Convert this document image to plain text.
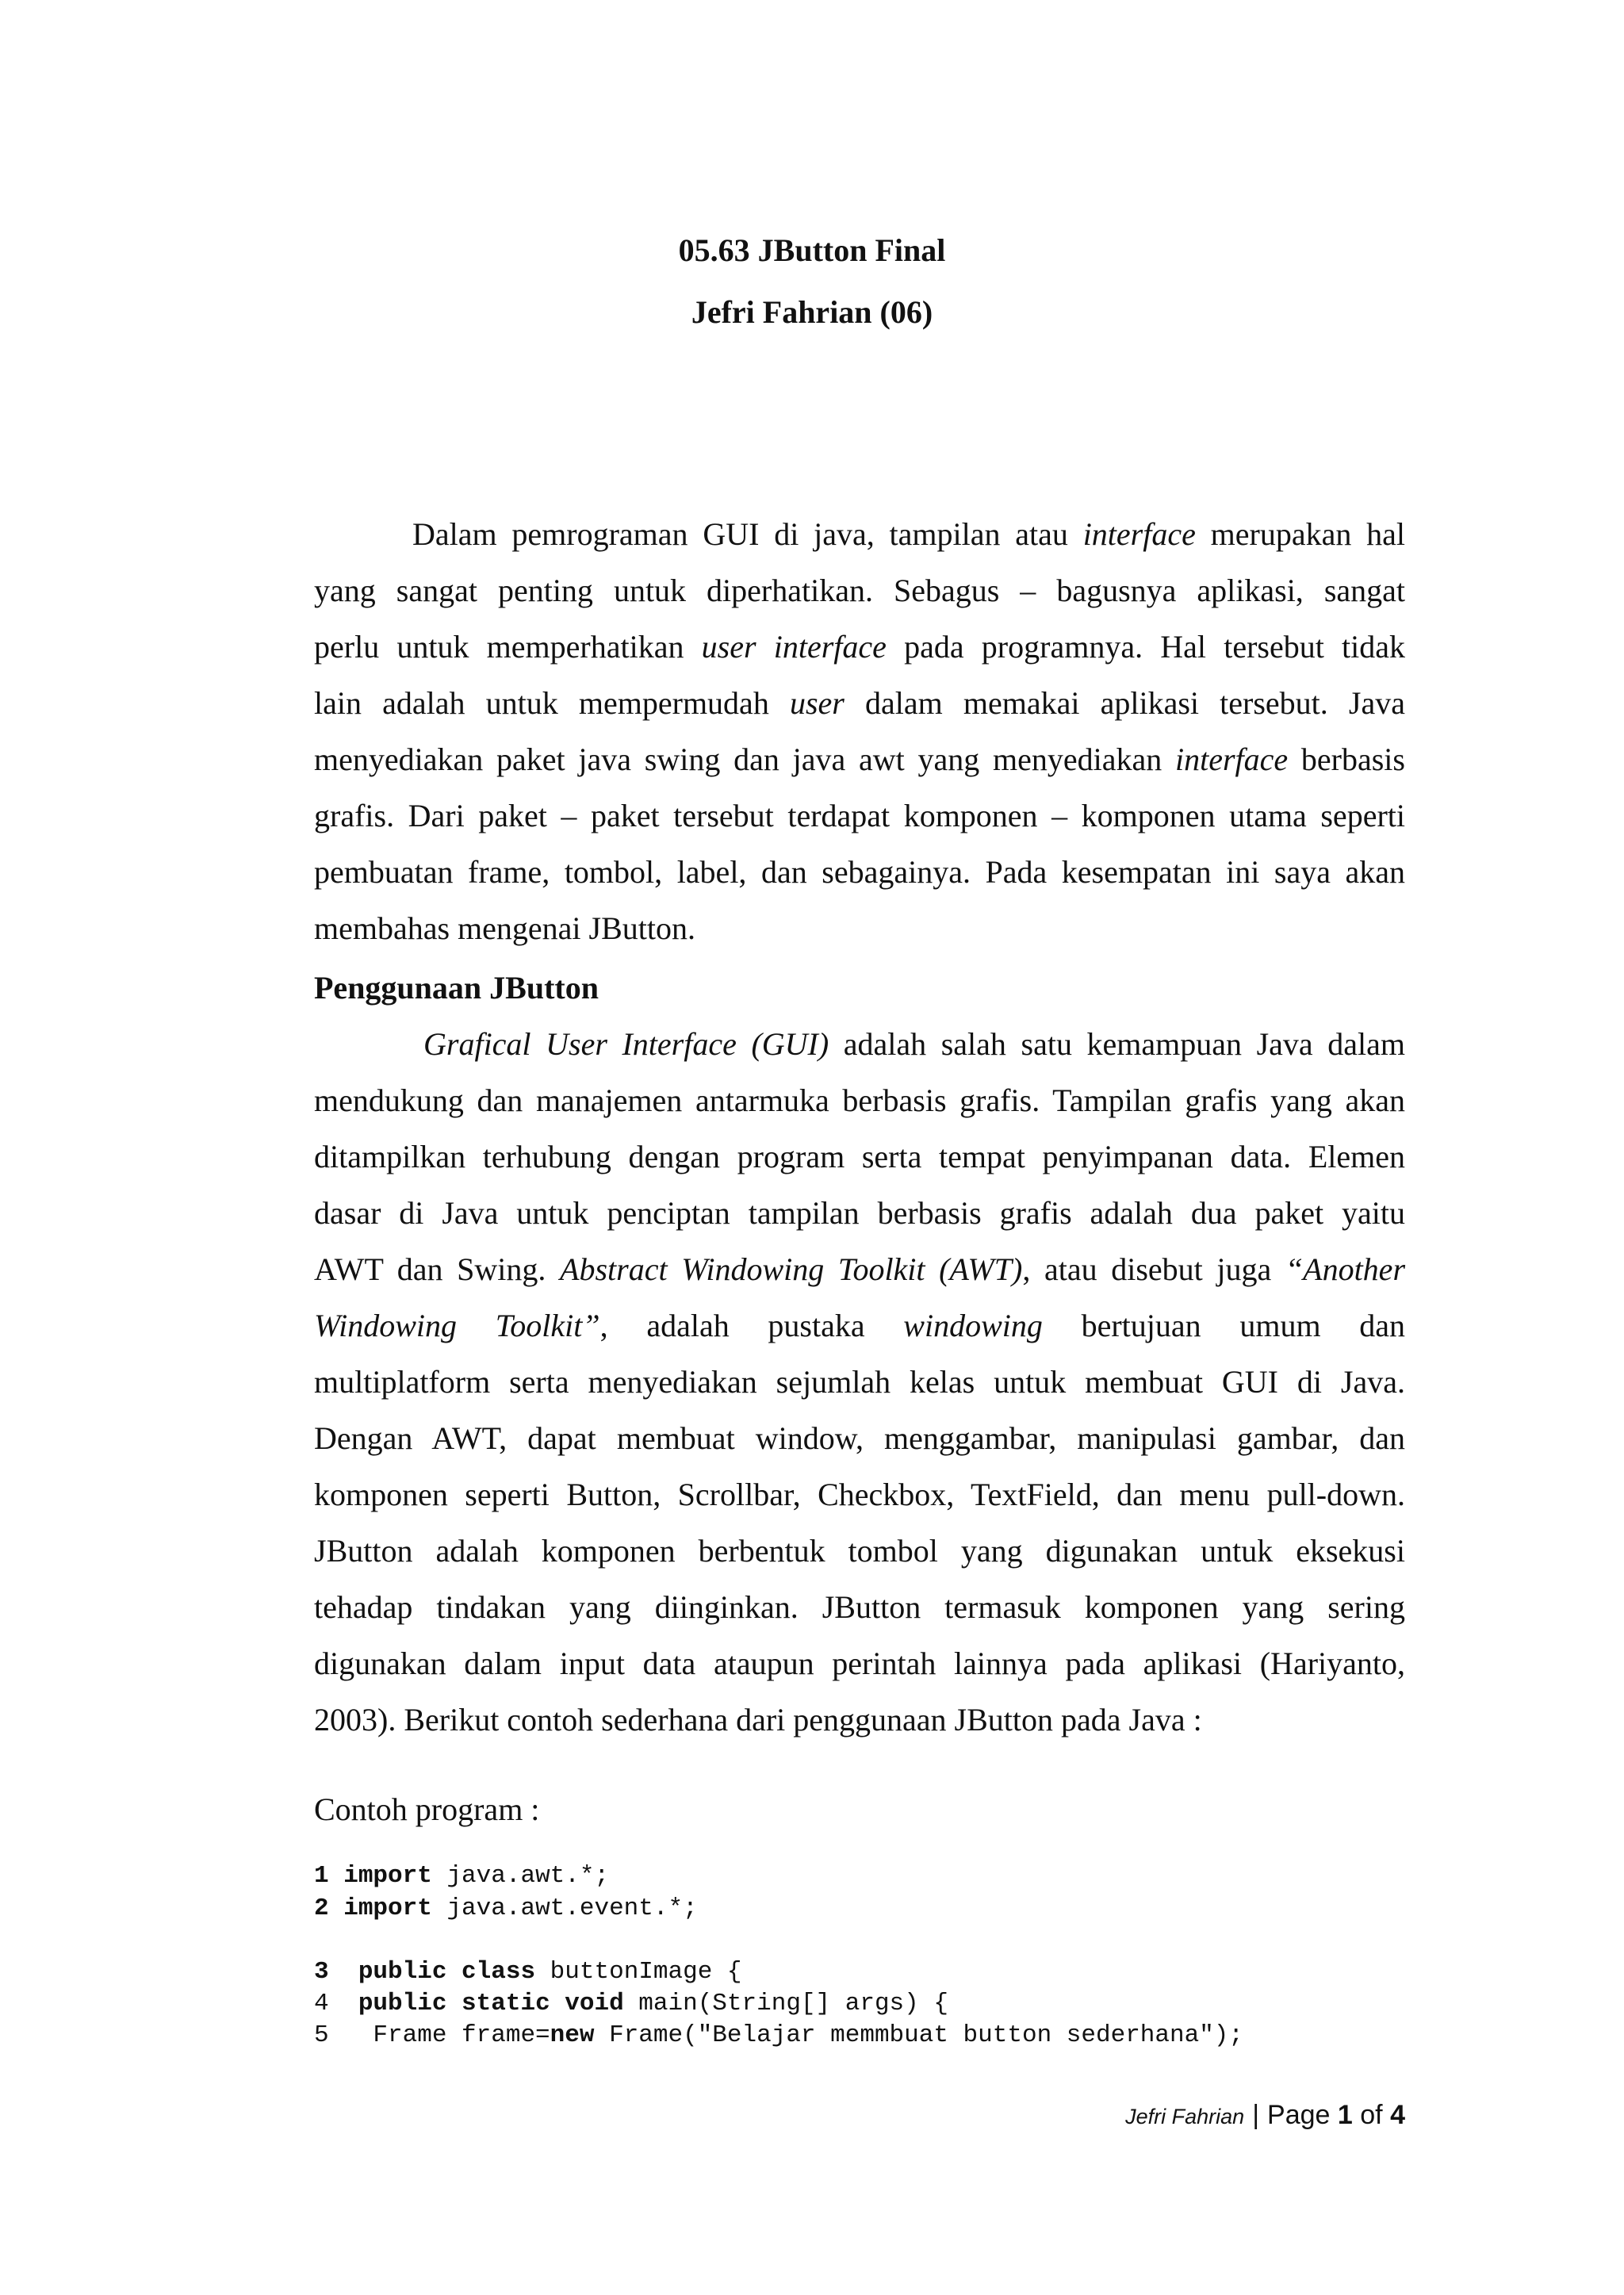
05.63 JButton Final
Jefri Fahrian (06)
Dalam pemrograman GUI di java, tampilan atau interface merupakan hal
yang sangat penting untuk diperhatikan. Sebagus – bagusnya aplikasi, sangat
perlu untuk memperhatikan user interface pada programnya. Hal tersebut tidak
lain adalah untuk mempermudah user dalam memakai aplikasi tersebut. Java
menyediakan paket java swing dan java awt yang menyediakan interface berbasis
grafis. Dari paket – paket tersebut terdapat komponen – komponen utama seperti
pembuatan frame, tombol, label, dan sebagainya. Pada kesempatan ini saya akan
membahas mengenai JButton.
Penggunaan JButton
Grafical User Interface (GUI) adalah salah satu kemampuan Java dalam
mendukung dan manajemen antarmuka berbasis grafis. Tampilan grafis yang akan
ditampilkan terhubung dengan program serta tempat penyimpanan data. Elemen
dasar di Java untuk penciptan tampilan berbasis grafis adalah dua paket yaitu
AWT dan Swing. Abstract Windowing Toolkit (AWT), atau disebut juga “Another
Windowing Toolkit”, adalah pustaka windowing bertujuan umum dan
multiplatform serta menyediakan sejumlah kelas untuk membuat GUI di Java.
Dengan AWT, dapat membuat window, menggambar, manipulasi gambar, dan
komponen seperti Button, Scrollbar, Checkbox, TextField, dan menu pull-down.
JButton adalah komponen berbentuk tombol yang digunakan untuk eksekusi
tehadap tindakan yang diinginkan. JButton termasuk komponen yang sering
digunakan dalam input data ataupun perintah lainnya pada aplikasi (Hariyanto,
2003). Berikut contoh sederhana dari penggunaan JButton pada Java :
Contoh program :
1 import java.awt.*;
2 import java.awt.event.*;
3 public class buttonImage {
4 public static void main(String[] args) {
5 Frame frame=new Frame("Belajar memmbuat button sederhana");
Jefri Fahrian | Page 1 of 4
